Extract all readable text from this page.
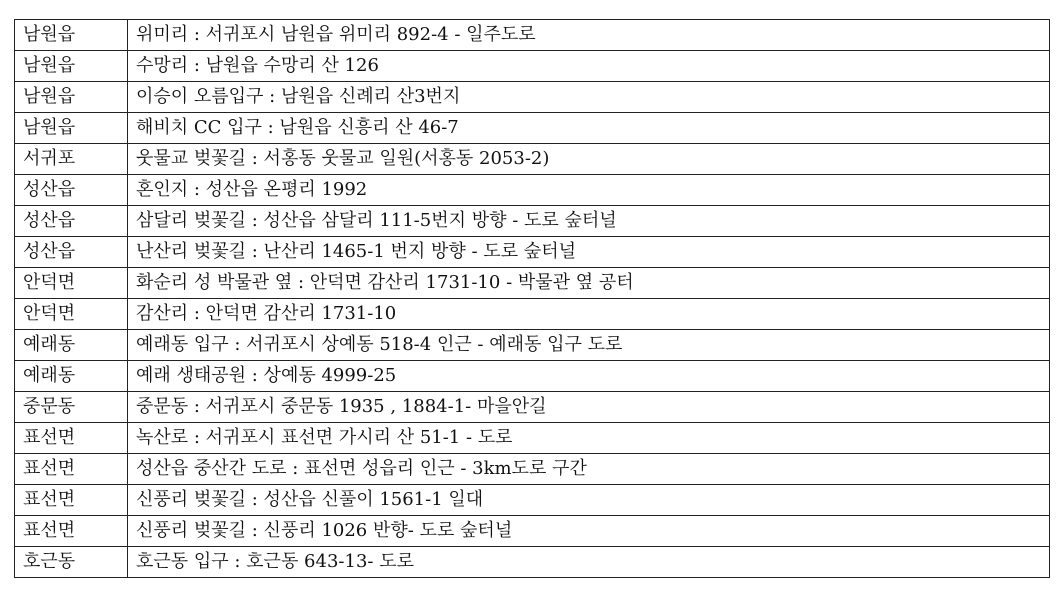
남원읍	위미리 : 서귀포시 남원읍 위미리 892-4 - 일주도로
남원읍	수망리 : 남원읍 수망리 산 126
남원읍	이승이 오름입구 : 남원읍 신례리 산3번지
남원읍	해비치 CC 입구 : 남원읍 신흥리 산 46-7
서귀포	웃물교 벚꽃길 : 서홍동 웃물교 일원(서홍동 2053-2)
성산읍	혼인지 : 성산읍 온평리 1992
성산읍	삼달리 벚꽃길 : 성산읍 삼달리 111-5번지 방향 - 도로 숲터널
성산읍	난산리 벚꽃길 : 난산리 1465-1 번지 방향 - 도로 숲터널
안덕면	화순리 성 박물관 옆 : 안덕면 감산리 1731-10 - 박물관 옆 공터
안덕면	감산리 : 안덕면 감산리 1731-10
예래동	예래동 입구 : 서귀포시 상예동 518-4 인근 - 예래동 입구 도로
예래동	예래 생태공원 : 상예동 4999-25
중문동	중문동 : 서귀포시 중문동 1935 , 1884-1- 마을안길
표선면	녹산로 : 서귀포시 표선면 가시리 산 51-1 - 도로
표선면	성산읍 중산간 도로 : 표선면 성읍리 인근 - 3km도로 구간
표선면	신풍리 벚꽃길 : 성산읍 신풀이 1561-1 일대
표선면	신풍리 벚꽃길 : 신풍리 1026 반향- 도로 숲터널
호근동	호근동 입구 : 호근동 643-13- 도로
